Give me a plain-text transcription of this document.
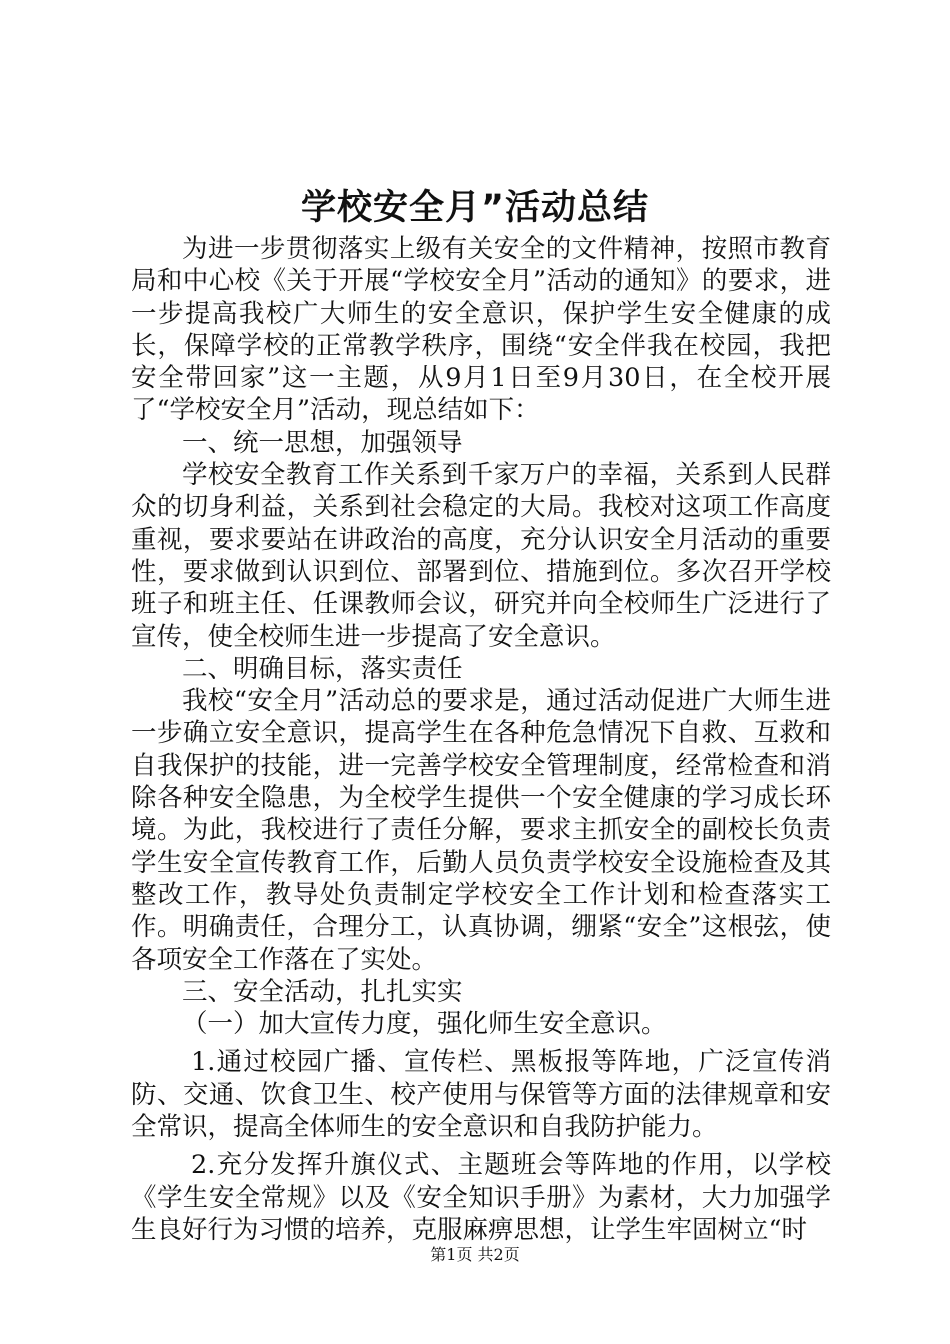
学校安全月”活动总结

为进一步贯彻落实上级有关安全的文件精神，按照市教育局和中心校《关于开展“学校安全月”活动的通知》的要求，进一步提高我校广大师生的安全意识，保护学生安全健康的成长，保障学校的正常教学秩序，围绕“安全伴我在校园，我把安全带回家”这一主题，从9月1日至9月30日，在全校开展了“学校安全月”活动，现总结如下：

一、统一思想，加强领导

学校安全教育工作关系到千家万户的幸福，关系到人民群众的切身利益，关系到社会稳定的大局。我校对这项工作高度重视，要求要站在讲政治的高度，充分认识安全月活动的重要性，要求做到认识到位、部署到位、措施到位。多次召开学校班子和班主任、任课教师会议，研究并向全校师生广泛进行了宣传，使全校师生进一步提高了安全意识。

二、明确目标，落实责任

我校“安全月”活动总的要求是，通过活动促进广大师生进一步确立安全意识，提高学生在各种危急情况下自救、互救和自我保护的技能，进一完善学校安全管理制度，经常检查和消除各种安全隐患，为全校学生提供一个安全健康的学习成长环境。为此，我校进行了责任分解，要求主抓安全的副校长负责学生安全宣传教育工作，后勤人员负责学校安全设施检查及其整改工作，教导处负责制定学校安全工作计划和检查落实工作。明确责任，合理分工，认真协调，绷紧“安全”这根弦，使各项安全工作落在了实处。

三、安全活动，扎扎实实

（一）加大宣传力度，强化师生安全意识。

1.通过校园广播、宣传栏、黑板报等阵地，广泛宣传消防、交通、饮食卫生、校产使用与保管等方面的法律规章和安全常识，提高全体师生的安全意识和自我防护能力。

2.充分发挥升旗仪式、主题班会等阵地的作用，以学校《学生安全常规》以及《安全知识手册》为素材，大力加强学生良好行为习惯的培养，克服麻痹思想，让学生牢固树立“时

第1页 共2页
